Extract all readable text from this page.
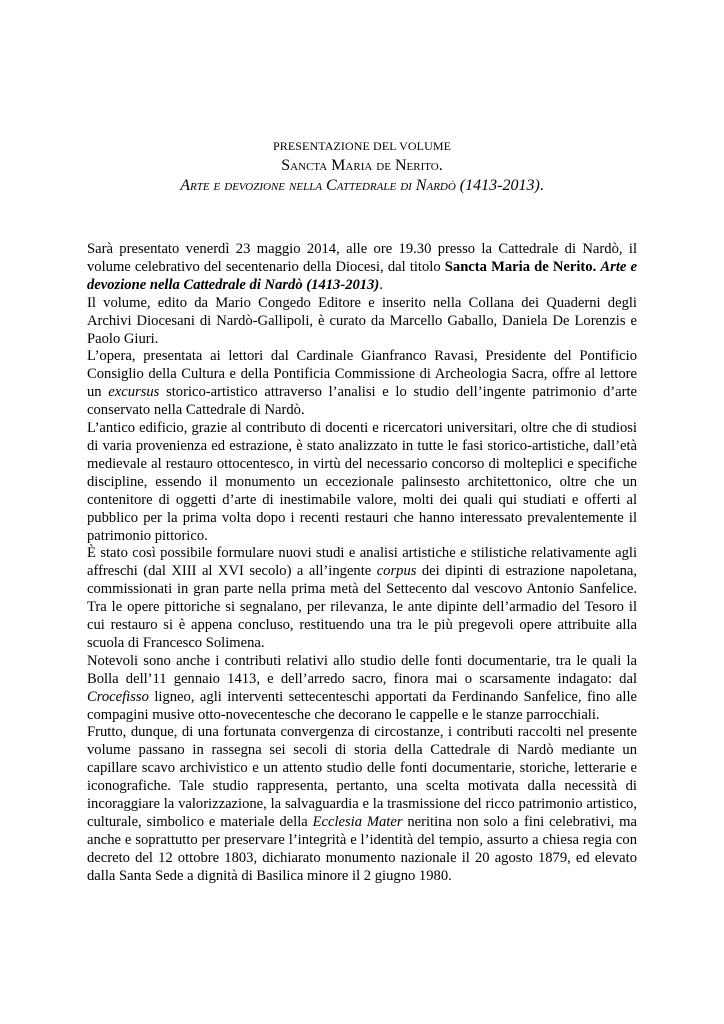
PRESENTAZIONE DEL VOLUME
Sancta Maria de Nerito.
Arte e devozione nella Cattedrale di Nardò (1413-2013).

Sarà presentato venerdì 23 maggio 2014, alle ore 19.30 presso la Cattedrale di Nardò, il volume celebrativo del secentenario della Diocesi, dal titolo Sancta Maria de Nerito. Arte e devozione nella Cattedrale di Nardò (1413-2013).

Il volume, edito da Mario Congedo Editore e inserito nella Collana dei Quaderni degli Archivi Diocesani di Nardò-Gallipoli, è curato da Marcello Gaballo, Daniela De Lorenzis e Paolo Giuri.

L’opera, presentata ai lettori dal Cardinale Gianfranco Ravasi, Presidente del Pontificio Consiglio della Cultura e della Pontificia Commissione di Archeologia Sacra, offre al lettore un excursus storico-artistico attraverso l’analisi e lo studio dell’ingente patrimonio d’arte conservato nella Cattedrale di Nardò.

L’antico edificio, grazie al contributo di docenti e ricercatori universitari, oltre che di studiosi di varia provenienza ed estrazione, è stato analizzato in tutte le fasi storico-artistiche, dall’età medievale al restauro ottocentesco, in virtù del necessario concorso di molteplici e specifiche discipline, essendo il monumento un eccezionale palinsesto architettonico, oltre che un contenitore di oggetti d’arte di inestimabile valore, molti dei quali qui studiati e offerti al pubblico per la prima volta dopo i recenti restauri che hanno interessato prevalentemente il patrimonio pittorico.

È stato così possibile formulare nuovi studi e analisi artistiche e stilistiche relativamente agli affreschi (dal XIII al XVI secolo) a all’ingente corpus dei dipinti di estrazione napoletana, commissionati in gran parte nella prima metà del Settecento dal vescovo Antonio Sanfelice. Tra le opere pittoriche si segnalano, per rilevanza, le ante dipinte dell’armadio del Tesoro il cui restauro si è appena concluso, restituendo una tra le più pregevoli opere attribuite alla scuola di Francesco Solimena.

Notevoli sono anche i contributi relativi allo studio delle fonti documentarie, tra le quali la Bolla dell’11 gennaio 1413, e dell’arredo sacro, finora mai o scarsamente indagato: dal Crocefisso ligneo, agli interventi settecenteschi apportati da Ferdinando Sanfelice, fino alle compagini musive otto-novecentesche che decorano le cappelle e le stanze parrocchiali.

Frutto, dunque, di una fortunata convergenza di circostanze, i contributi raccolti nel presente volume passano in rassegna sei secoli di storia della Cattedrale di Nardò mediante un capillare scavo archivistico e un attento studio delle fonti documentarie, storiche, letterarie e iconografiche. Tale studio rappresenta, pertanto, una scelta motivata dalla necessità di incoraggiare la valorizzazione, la salvaguardia e la trasmissione del ricco patrimonio artistico, culturale, simbolico e materiale della Ecclesia Mater neritina non solo a fini celebrativi, ma anche e soprattutto per preservare l’integrità e l’identità del tempio, assurto a chiesa regia con decreto del 12 ottobre 1803, dichiarato monumento nazionale il 20 agosto 1879, ed elevato dalla Santa Sede a dignità di Basilica minore il 2 giugno 1980.
